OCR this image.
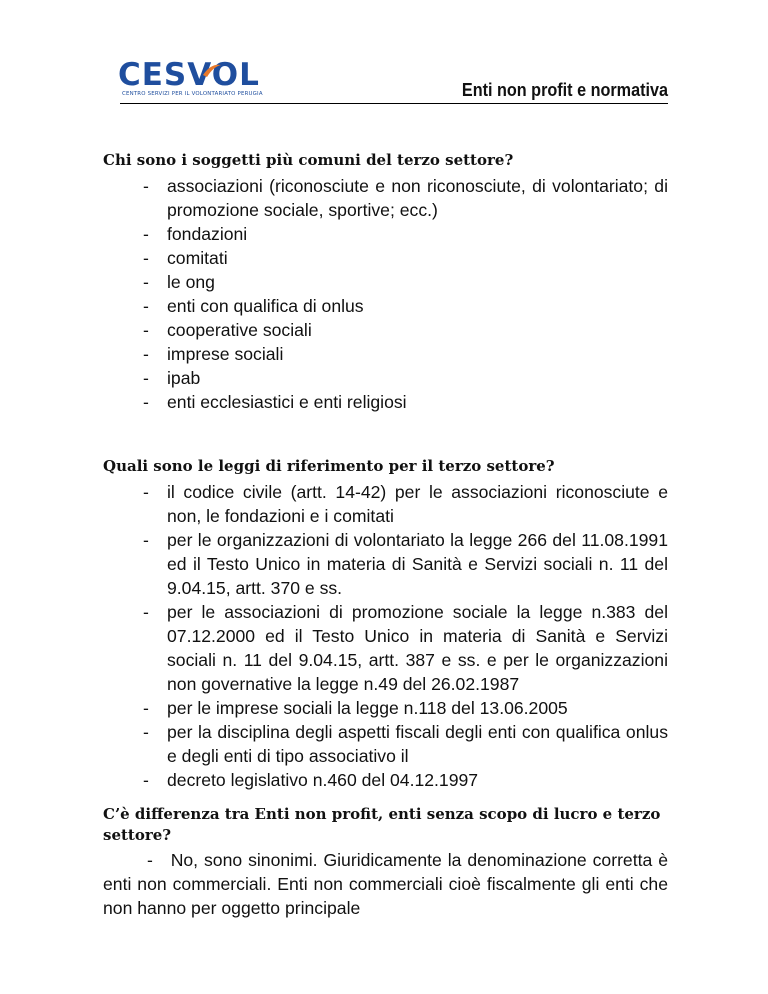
CESVOL
CENTRO SERVIZI PER IL VOLONTARIATO PERUGIA	Enti non profit e normativa

Chi sono i soggetti più comuni del terzo settore?

- associazioni (riconosciute e non riconosciute, di volontariato; di promozione sociale, sportive; ecc.)
- fondazioni
- comitati
- le ong
- enti con qualifica di onlus
- cooperative sociali
- imprese sociali
- ipab
- enti ecclesiastici e enti religiosi

Quali sono le leggi di riferimento per il terzo settore?

- il codice civile (artt. 14-42) per le associazioni riconosciute e non, le fondazioni e i comitati
- per le organizzazioni di volontariato la legge 266 del 11.08.1991 ed il Testo Unico in materia di Sanità e Servizi sociali n. 11 del 9.04.15, artt. 370 e ss.
- per le associazioni di promozione sociale la legge n.383 del 07.12.2000 ed il Testo Unico in materia di Sanità e Servizi sociali n. 11 del 9.04.15, artt. 387 e ss. e per le organizzazioni non governative la legge n.49 del 26.02.1987
- per le imprese sociali la legge n.118 del 13.06.2005
- per la disciplina degli aspetti fiscali degli enti con qualifica onlus e degli enti di tipo associativo il
- decreto legislativo n.460 del 04.12.1997

C’è differenza tra Enti non profit, enti senza scopo di lucro e terzo settore?

- No, sono sinonimi. Giuridicamente la denominazione corretta è enti non commerciali. Enti non commerciali cioè fiscalmente gli enti che non hanno per oggetto principale
